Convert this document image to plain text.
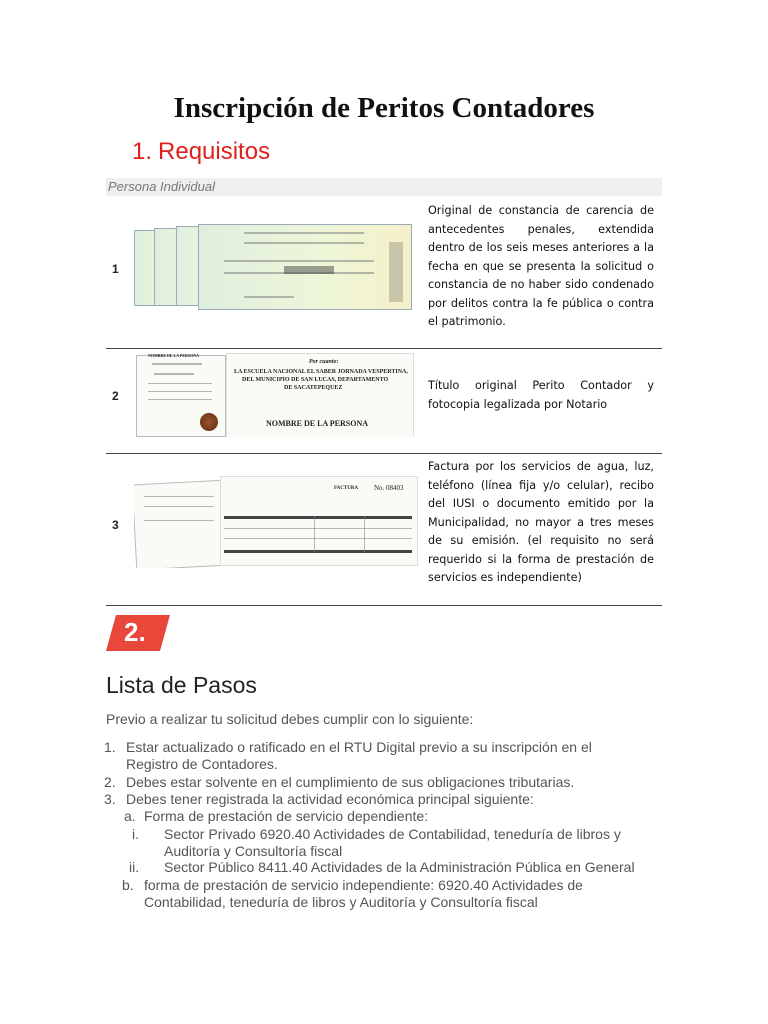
Inscripción de Peritos Contadores
1. Requisitos
Persona Individual
1
Original de constancia de carencia de antecedentes penales, extendida dentro de los seis meses anteriores a la fecha en que se presenta la solicitud o constancia de no haber sido condenado por delitos contra la fe pública o contra el patrimonio.
2
Por cuanto:
LA ESCUELA NACIONAL EL SABER JORNADA VESPERTINA,
DEL MUNICIPIO DE SAN LUCAS, DEPARTAMENTO
DE SACATEPEQUEZ
NOMBRE DE LA PERSONA
NOMBRE DE LA PERSONA
Título original Perito Contador y fotocopia legalizada por Notario
3
FACTURA No. 08403
Factura por los servicios de agua, luz, teléfono (línea fija y/o celular), recibo del IUSI o documento emitido por la Municipalidad, no mayor a tres meses de su emisión. (el requisito no será requerido si la forma de prestación de servicios es independiente)
2.
Lista de Pasos
Previo a realizar tu solicitud debes cumplir con lo siguiente:
1. Estar actualizado o ratificado en el RTU Digital previo a su inscripción en el
Registro de Contadores.
2. Debes estar solvente en el cumplimiento de sus obligaciones tributarias.
3. Debes tener registrada la actividad económica principal siguiente:
a. Forma de prestación de servicio dependiente:
i. Sector Privado 6920.40 Actividades de Contabilidad, teneduría de libros y
Auditoría y Consultoría fiscal
ii. Sector Público 8411.40 Actividades de la Administración Pública en General
b. forma de prestación de servicio independiente: 6920.40 Actividades de
Contabilidad, teneduría de libros y Auditoría y Consultoría fiscal
